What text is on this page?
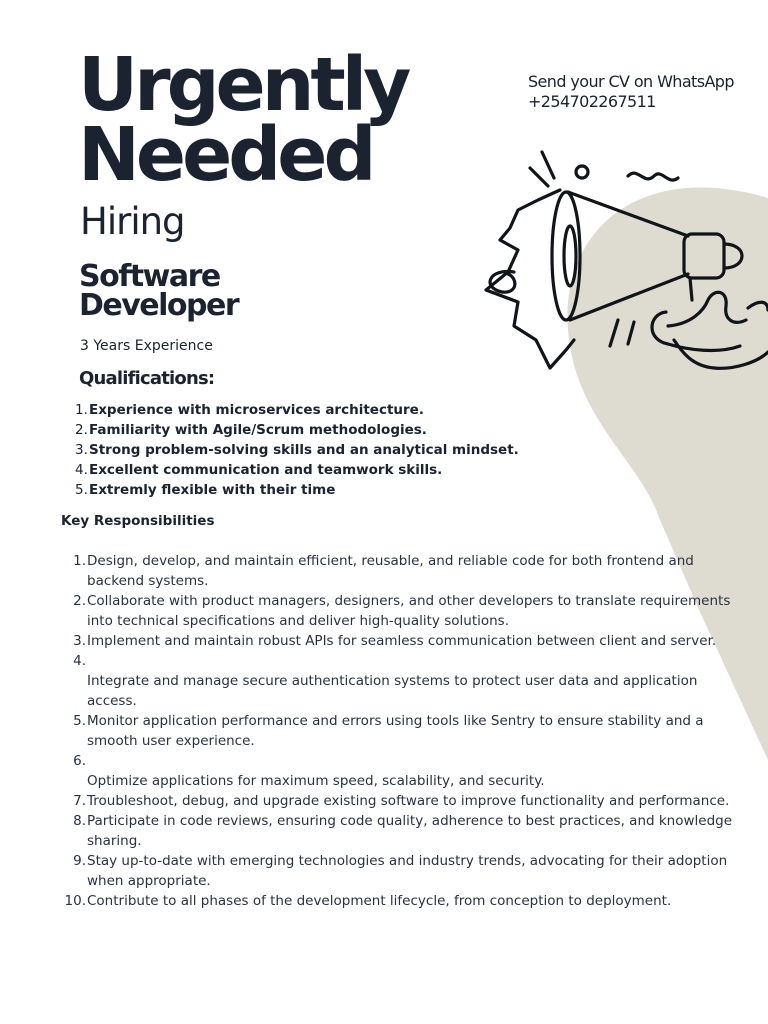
Urgently
Needed
Hiring
Software
Developer
3 Years Experience
Send your CV on WhatsApp
+254702267511
Qualifications:
1. Experience with microservices architecture.
2. Familiarity with Agile/Scrum methodologies.
3. Strong problem-solving skills and an analytical mindset.
4. Excellent communication and teamwork skills.
5. Extremly flexible with their time
Key Responsibilities
1. Design, develop, and maintain efficient, reusable, and reliable code for both frontend and backend systems.
2. Collaborate with product managers, designers, and other developers to translate requirements into technical specifications and deliver high-quality solutions.
3. Implement and maintain robust APIs for seamless communication between client and server.
4.
Integrate and manage secure authentication systems to protect user data and application access.
5. Monitor application performance and errors using tools like Sentry to ensure stability and a smooth user experience.
6.
Optimize applications for maximum speed, scalability, and security.
7. Troubleshoot, debug, and upgrade existing software to improve functionality and performance.
8. Participate in code reviews, ensuring code quality, adherence to best practices, and knowledge sharing.
9. Stay up-to-date with emerging technologies and industry trends, advocating for their adoption when appropriate.
10. Contribute to all phases of the development lifecycle, from conception to deployment.
